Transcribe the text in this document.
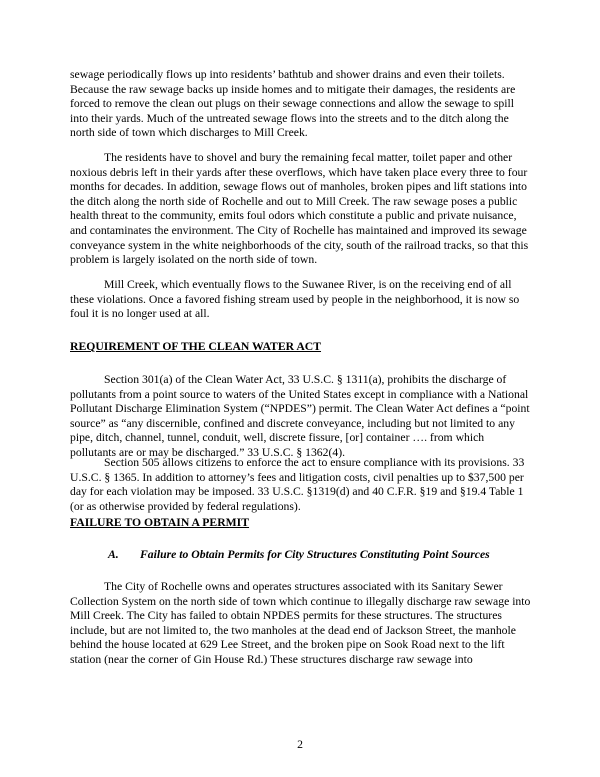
sewage periodically flows up into residents’ bathtub and shower drains and even their toilets. Because the raw sewage backs up inside homes and to mitigate their damages, the residents are forced to remove the clean out plugs on their sewage connections and allow the sewage to spill into their yards. Much of the untreated sewage flows into the streets and to the ditch along the north side of town which discharges to Mill Creek.

The residents have to shovel and bury the remaining fecal matter, toilet paper and other noxious debris left in their yards after these overflows, which have taken place every three to four months for decades. In addition, sewage flows out of manholes, broken pipes and lift stations into the ditch along the north side of Rochelle and out to Mill Creek. The raw sewage poses a public health threat to the community, emits foul odors which constitute a public and private nuisance, and contaminates the environment. The City of Rochelle has maintained and improved its sewage conveyance system in the white neighborhoods of the city, south of the railroad tracks, so that this problem is largely isolated on the north side of town.

Mill Creek, which eventually flows to the Suwanee River, is on the receiving end of all these violations. Once a favored fishing stream used by people in the neighborhood, it is now so foul it is no longer used at all.

REQUIREMENT OF THE CLEAN WATER ACT

Section 301(a) of the Clean Water Act, 33 U.S.C. § 1311(a), prohibits the discharge of pollutants from a point source to waters of the United States except in compliance with a National Pollutant Discharge Elimination System (“NPDES”) permit. The Clean Water Act defines a “point source” as “any discernible, confined and discrete conveyance, including but not limited to any pipe, ditch, channel, tunnel, conduit, well, discrete fissure, [or] container …. from which pollutants are or may be discharged.” 33 U.S.C. § 1362(4).

Section 505 allows citizens to enforce the act to ensure compliance with its provisions. 33 U.S.C. § 1365. In addition to attorney’s fees and litigation costs, civil penalties up to $37,500 per day for each violation may be imposed. 33 U.S.C. §1319(d) and 40 C.F.R. §19 and §19.4 Table 1 (or as otherwise provided by federal regulations).

FAILURE TO OBTAIN A PERMIT
A. Failure to Obtain Permits for City Structures Constituting Point Sources

The City of Rochelle owns and operates structures associated with its Sanitary Sewer Collection System on the north side of town which continue to illegally discharge raw sewage into Mill Creek. The City has failed to obtain NPDES permits for these structures. The structures include, but are not limited to, the two manholes at the dead end of Jackson Street, the manhole behind the house located at 629 Lee Street, and the broken pipe on Sook Road next to the lift station (near the corner of Gin House Rd.) These structures discharge raw sewage into

2
